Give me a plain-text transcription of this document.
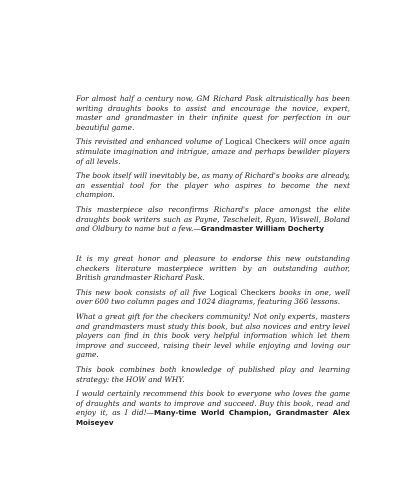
For almost half a century now, GM Richard Pask altruistically has been writing draughts books to assist and encourage the novice, expert, master and grandmaster in their infinite quest for perfection in our beautiful game.

This revisited and enhanced volume of Logical Checkers will once again stimulate imagination and intrigue, amaze and perhaps bewilder players of all levels.

The book itself will inevitably be, as many of Richard's books are already, an essential tool for the player who aspires to become the next champion.

This masterpiece also reconfirms Richard's place amongst the elite draughts book writers such as Payne, Tescheleit, Ryan, Wiswell, Boland and Oldbury to name but a few.—Grandmaster William Docherty

It is my great honor and pleasure to endorse this new outstanding checkers literature masterpiece written by an outstanding author, British grandmaster Richard Pask.

This new book consists of all five Logical Checkers books in one, well over 600 two column pages and 1024 diagrams, featuring 366 lessons.

What a great gift for the checkers community! Not only experts, masters and grandmasters must study this book, but also novices and entry level players can find in this book very helpful information which let them improve and succeed, raising their level while enjoying and loving our game.

This book combines both knowledge of published play and learning strategy: the HOW and WHY.

I would certainly recommend this book to everyone who loves the game of draughts and wants to improve and succeed. Buy this book, read and enjoy it, as I did!—Many-time World Champion, Grandmaster Alex Moiseyev
